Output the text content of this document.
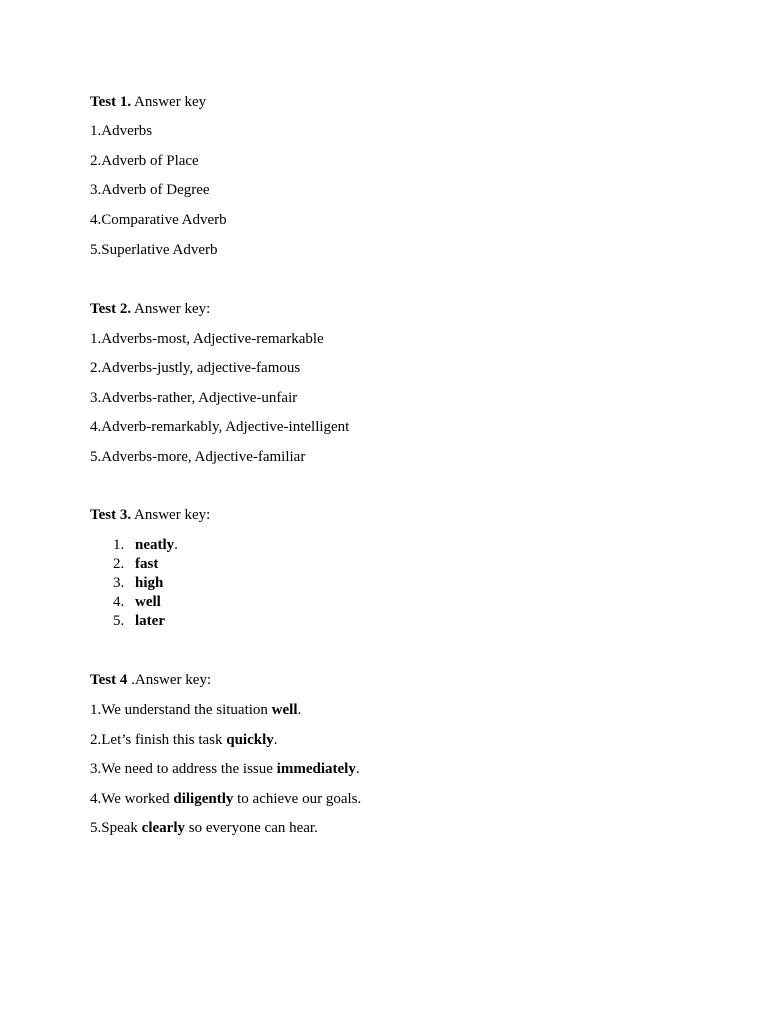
Test 1. Answer key
1.Adverbs
2.Adverb of Place
3.Adverb of Degree
4.Comparative Adverb
5.Superlative Adverb
Test 2. Answer key:
1.Adverbs-most, Adjective-remarkable
2.Adverbs-justly, adjective-famous
3.Adverbs-rather, Adjective-unfair
4.Adverb-remarkably, Adjective-intelligent
5.Adverbs-more, Adjective-familiar
Test 3. Answer key:
1. neatly.
2. fast
3. high
4. well
5. later
Test 4 .Answer key:
1.We understand the situation well.
2.Let’s finish this task quickly.
3.We need to address the issue immediately.
4.We worked diligently to achieve our goals.
5.Speak clearly so everyone can hear.
